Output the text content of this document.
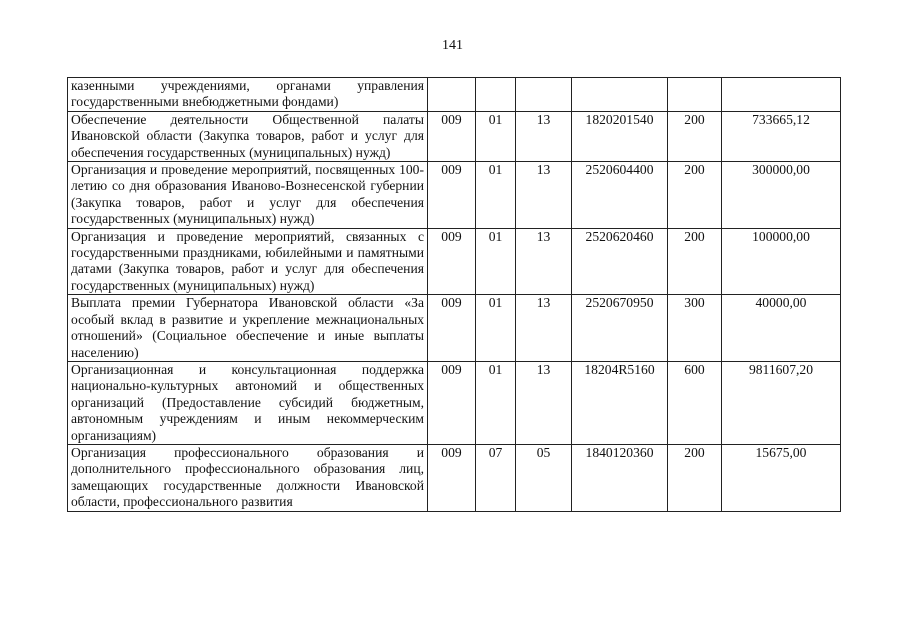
141
казенными учреждениями, органами управления государственными внебюджетными фондами)						
Обеспечение деятельности Общественной палаты Ивановской области (Закупка товаров, работ и услуг для обеспечения государственных (муниципальных) нужд)	009	01	13	1820201540	200	733665,12
Организация и проведение мероприятий, посвященных 100-летию со дня образования Иваново-Вознесенской губернии (Закупка товаров, работ и услуг для обеспечения государственных (муниципальных) нужд)	009	01	13	2520604400	200	300000,00
Организация и проведение мероприятий, связанных с государственными праздниками, юбилейными и памятными датами (Закупка товаров, работ и услуг для обеспечения государственных (муниципальных) нужд)	009	01	13	2520620460	200	100000,00
Выплата премии Губернатора Ивановской области «За особый вклад в развитие и укрепление межнациональных отношений» (Социальное обеспечение и иные выплаты населению)	009	01	13	2520670950	300	40000,00
Организационная и консультационная поддержка национально-культурных автономий и общественных организаций (Предоставление субсидий бюджетным, автономным учреждениям и иным некоммерческим организациям)	009	01	13	18204R5160	600	9811607,20
Организация профессионального образования и дополнительного профессионального образования лиц, замещающих государственные должности Ивановской области, профессионального развития	009	07	05	1840120360	200	15675,00
